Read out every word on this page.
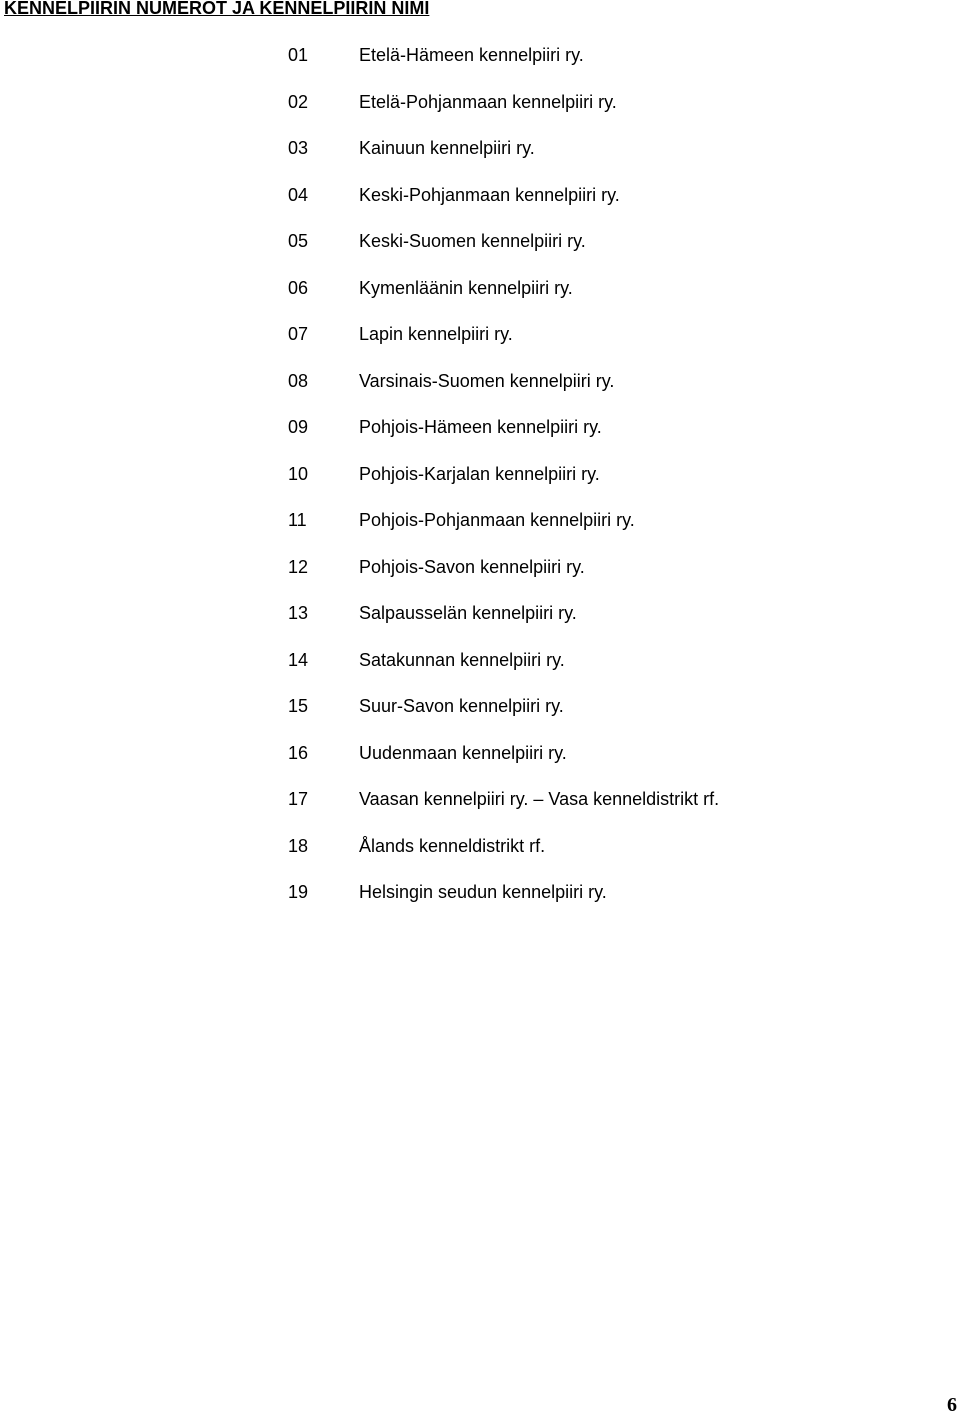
KENNELPIIRIN NUMEROT JA KENNELPIIRIN NIMI
01	Etelä-Hämeen kennelpiiri ry.
02	Etelä-Pohjanmaan kennelpiiri ry.
03	Kainuun kennelpiiri ry.
04	Keski-Pohjanmaan kennelpiiri ry.
05	Keski-Suomen kennelpiiri ry.
06	Kymenläänin kennelpiiri ry.
07	Lapin kennelpiiri ry.
08	Varsinais-Suomen kennelpiiri ry.
09	Pohjois-Hämeen kennelpiiri ry.
10	Pohjois-Karjalan kennelpiiri ry.
11	Pohjois-Pohjanmaan kennelpiiri ry.
12	Pohjois-Savon kennelpiiri ry.
13	Salpausselän kennelpiiri ry.
14	Satakunnan kennelpiiri ry.
15	Suur-Savon kennelpiiri ry.
16	Uudenmaan kennelpiiri ry.
17	Vaasan kennelpiiri ry. – Vasa kenneldistrikt rf.
18	Ålands kenneldistrikt rf.
19	Helsingin seudun kennelpiiri ry.
6
